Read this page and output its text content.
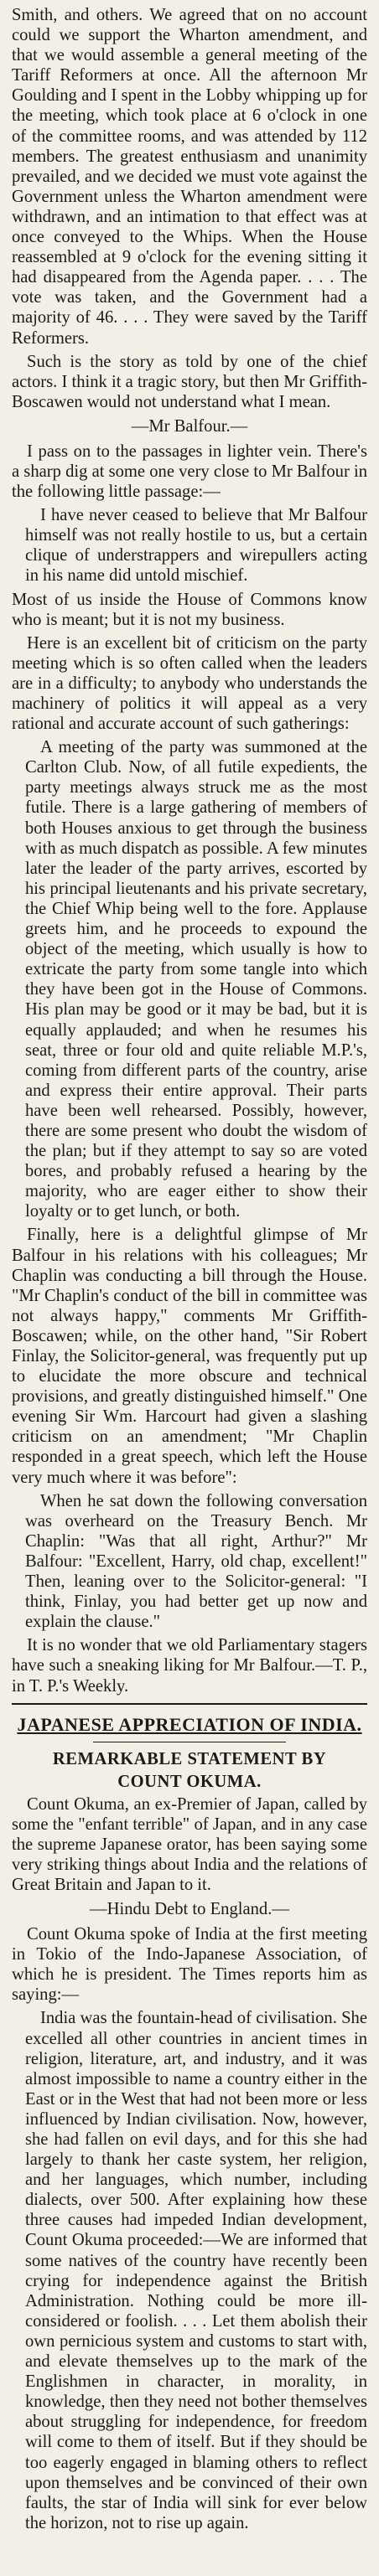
Smith, and others. We agreed that on no account could we support the Wharton amendment, and that we would assemble a general meeting of the Tariff Reformers at once. All the afternoon Mr Goulding and I spent in the Lobby whipping up for the meeting, which took place at 6 o'clock in one of the committee rooms, and was attended by 112 members. The greatest enthusiasm and unanimity prevailed, and we decided we must vote against the Government unless the Wharton amendment were withdrawn, and an intimation to that effect was at once conveyed to the Whips. When the House reassembled at 9 o'clock for the evening sitting it had disappeared from the Agenda paper. . . . The vote was taken, and the Government had a majority of 46. . . . They were saved by the Tariff Reformers.

Such is the story as told by one of the chief actors. I think it a tragic story, but then Mr Griffith-Boscawen would not understand what I mean.

—Mr Balfour.—

I pass on to the passages in lighter vein. There's a sharp dig at some one very close to Mr Balfour in the following little passage:—

I have never ceased to believe that Mr Balfour himself was not really hostile to us, but a certain clique of understrappers and wirepullers acting in his name did untold mischief.

Most of us inside the House of Commons know who is meant; but it is not my business.

Here is an excellent bit of criticism on the party meeting which is so often called when the leaders are in a difficulty; to anybody who understands the machinery of politics it will appeal as a very rational and accurate account of such gatherings:

A meeting of the party was summoned at the Carlton Club. Now, of all futile expedients, the party meetings always struck me as the most futile. There is a large gathering of members of both Houses anxious to get through the business with as much dispatch as possible. A few minutes later the leader of the party arrives, escorted by his principal lieutenants and his private secretary, the Chief Whip being well to the fore. Applause greets him, and he proceeds to expound the object of the meeting, which usually is how to extricate the party from some tangle into which they have been got in the House of Commons. His plan may be good or it may be bad, but it is equally applauded; and when he resumes his seat, three or four old and quite reliable M.P.'s, coming from different parts of the country, arise and express their entire approval. Their parts have been well rehearsed. Possibly, however, there are some present who doubt the wisdom of the plan; but if they attempt to say so are voted bores, and probably refused a hearing by the majority, who are eager either to show their loyalty or to get lunch, or both.

Finally, here is a delightful glimpse of Mr Balfour in his relations with his colleagues; Mr Chaplin was conducting a bill through the House. "Mr Chaplin's conduct of the bill in committee was not always happy," comments Mr Griffith-Boscawen; while, on the other hand, "Sir Robert Finlay, the Solicitor-general, was frequently put up to elucidate the more obscure and technical provisions, and greatly distinguished himself." One evening Sir Wm. Harcourt had given a slashing criticism on an amendment; "Mr Chaplin responded in a great speech, which left the House very much where it was before":

When he sat down the following conversation was overheard on the Treasury Bench. Mr Chaplin: "Was that all right, Arthur?" Mr Balfour: "Excellent, Harry, old chap, excellent!" Then, leaning over to the Solicitor-general: "I think, Finlay, you had better get up now and explain the clause."

It is no wonder that we old Parliamentary stagers have such a sneaking liking for Mr Balfour.—T. P., in T. P.'s Weekly.

JAPANESE APPRECIATION OF INDIA.
REMARKABLE STATEMENT BY
COUNT OKUMA.

Count Okuma, an ex-Premier of Japan, called by some the "enfant terrible" of Japan, and in any case the supreme Japanese orator, has been saying some very striking things about India and the relations of Great Britain and Japan to it.

—Hindu Debt to England.—

Count Okuma spoke of India at the first meeting in Tokio of the Indo-Japanese Association, of which he is president. The Times reports him as saying:—

India was the fountain-head of civilisation. She excelled all other countries in ancient times in religion, literature, art, and industry, and it was almost impossible to name a country either in the East or in the West that had not been more or less influenced by Indian civilisation. Now, however, she had fallen on evil days, and for this she had largely to thank her caste system, her religion, and her languages, which number, including dialects, over 500. After explaining how these three causes had impeded Indian development, Count Okuma proceeded:—We are informed that some natives of the country have recently been crying for independence against the British Administration. Nothing could be more ill-considered or foolish. . . . Let them abolish their own pernicious system and customs to start with, and elevate themselves up to the mark of the Englishmen in character, in morality, in knowledge, then they need not bother themselves about struggling for independence, for freedom will come to them of itself. But if they should be too eagerly engaged in blaming others to reflect upon themselves and be convinced of their own faults, the star of India will sink for ever below the horizon, not to rise up again.
